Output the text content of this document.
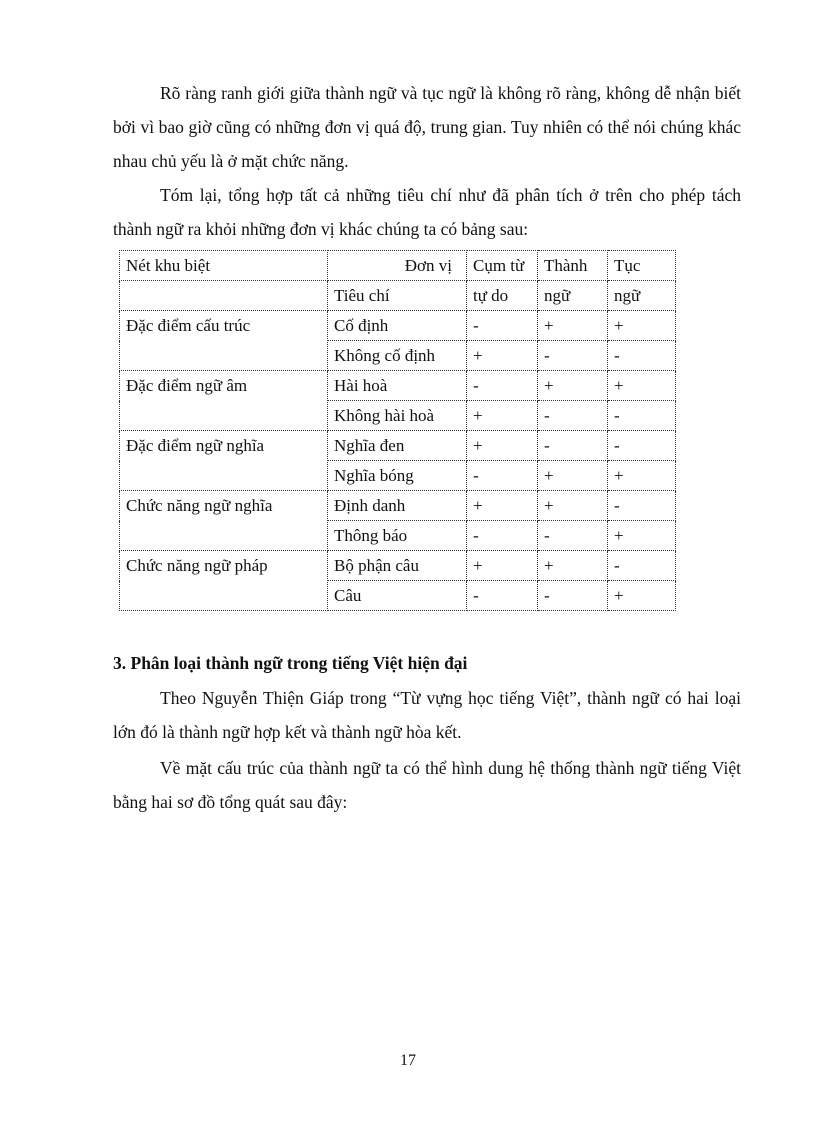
Rõ ràng ranh giới giữa thành ngữ và tục ngữ là không rõ ràng, không dễ nhận biết bởi vì bao giờ cũng có những đơn vị quá độ, trung gian. Tuy nhiên có thể nói chúng khác nhau chủ yếu là ở mặt chức năng.

Tóm lại, tổng hợp tất cả những tiêu chí như đã phân tích ở trên cho phép tách thành ngữ ra khỏi những đơn vị khác chúng ta có bảng sau:

Nét khu biệt	Đơn vị	Cụm từ	Thành	Tục
	Tiêu chí	tự do	ngữ	ngữ
Đặc điểm cấu trúc	Cố định	-	+	+
	Không cố định	+	-	-
Đặc điểm ngữ âm	Hài hoà	-	+	+
	Không hài hoà	+	-	-
Đặc điểm ngữ nghĩa	Nghĩa đen	+	-	-
	Nghĩa bóng	-	+	+
Chức năng ngữ nghĩa	Định danh	+	+	-
	Thông báo	-	-	+
Chức năng ngữ pháp	Bộ phận câu	+	+	-
	Câu	-	-	+

3. Phân loại thành ngữ trong tiếng Việt hiện đại

Theo Nguyễn Thiện Giáp trong “Từ vựng học tiếng Việt”, thành ngữ có hai loại lớn đó là thành ngữ hợp kết và thành ngữ hòa kết.

Về mặt cấu trúc của thành ngữ ta có thể hình dung hệ thống thành ngữ tiếng Việt bằng hai sơ đồ tổng quát sau đây:

17
